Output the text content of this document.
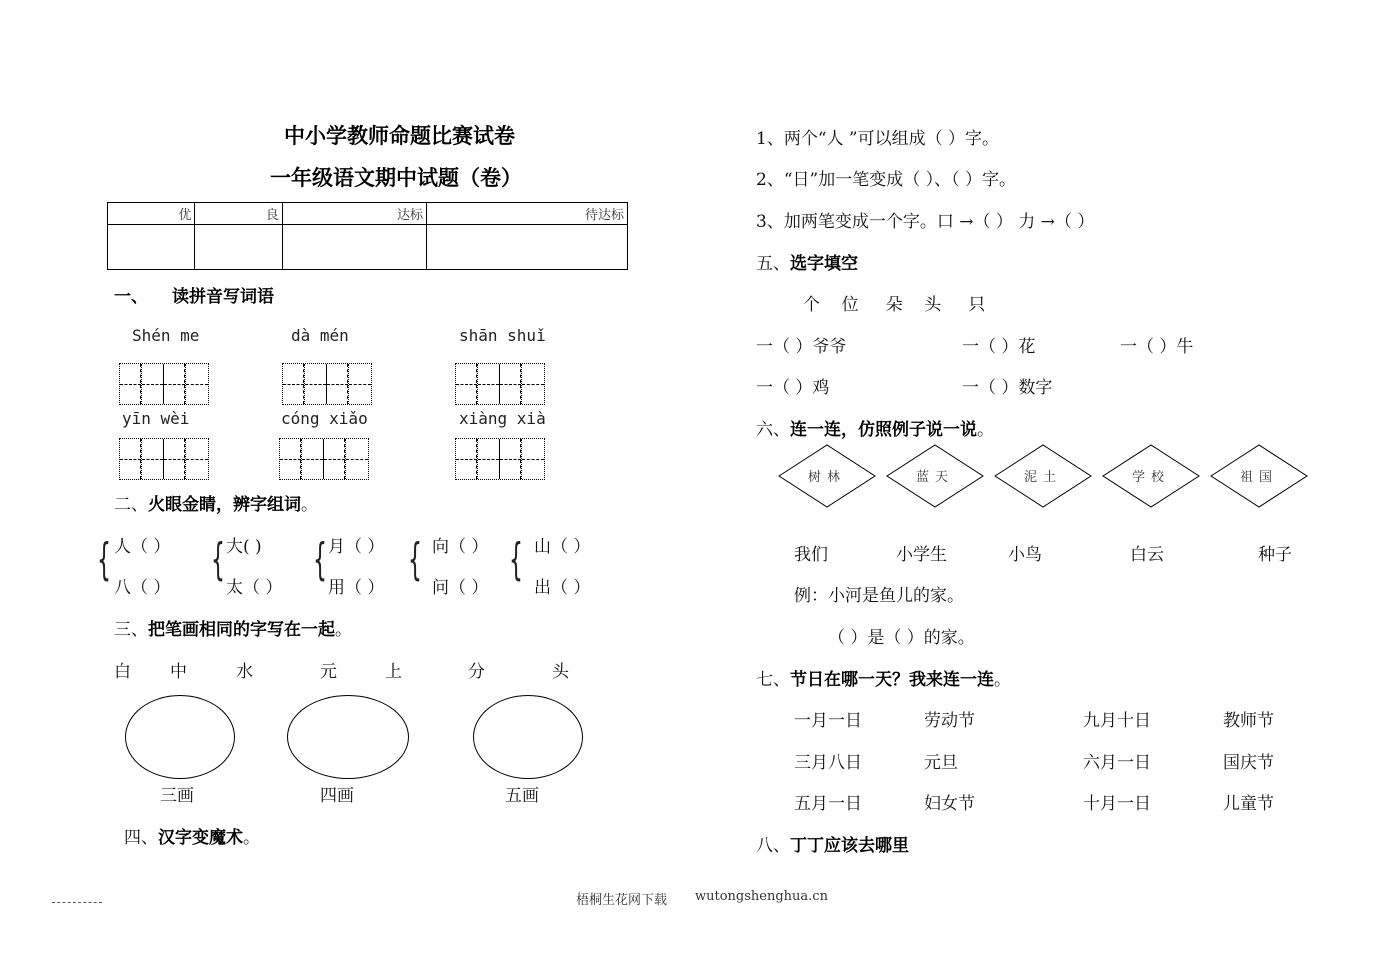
中小学教师命题比赛试卷
一年级语文期中试题（卷）
优	良	达标	待达标

一、 读拼音写词语
Shén me	dà mén	shān shuǐ
yīn wèi	cóng xiǎo	xiàng xià
二、火眼金睛，辨字组词。
{ 人（ ）
八（ ）
{ 大( )
太（ ）
{ 月（ ）
用（ ）
{ 向（ ）
问（ ）
{ 山（ ）
出（ ）
三、把笔画相同的字写在一起。
白 中	水	元	上	分	头
三画	四画	五画
四、汉字变魔术。
1、两个“人 ”可以组成（ ）字。
2、“日”加一笔变成（ ）、（ ）字。
3、加两笔变成一个字。口 →（ ） 力 →（ ）
五、选字填空
个    位     朵    头     只
一（ ）爷爷	一（ ）花	一（ ）牛
一（ ）鸡	一（ ）数字
六、连一连，仿照例子说一说。
树林	蓝天	泥土	学校	祖国
我们	小学生	小鸟	白云	种子
例：小河是鱼儿的家。
（ ）是（ ）的家。
七、节日在哪一天？我来连一连。
一月一日	劳动节	九月十日	教师节
三月八日	元旦	六月一日	国庆节
五月一日	妇女节	十月一日	儿童节
八、丁丁应该去哪里
梧桐生花网下载 wutongshenghua.cn
